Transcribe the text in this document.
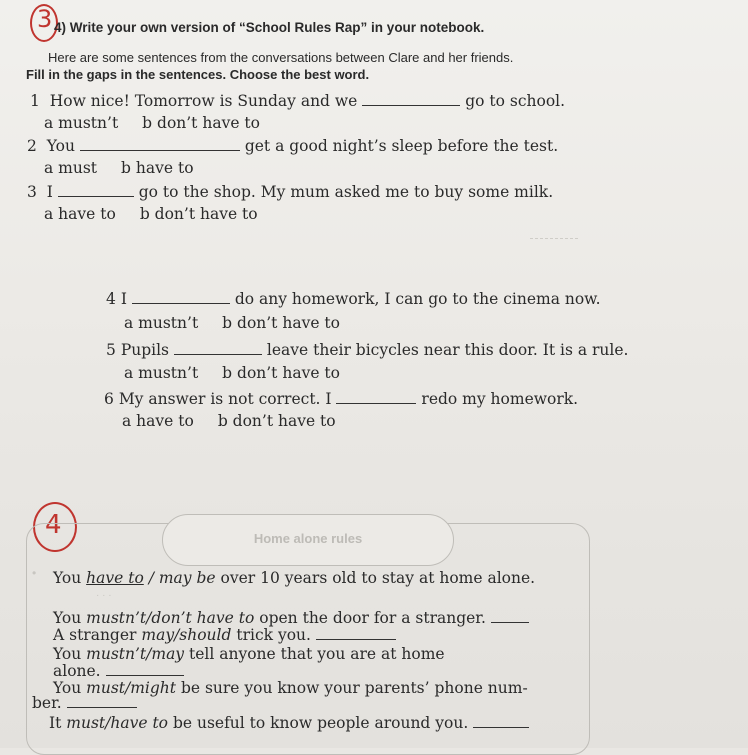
3 4) Write your own version of “School Rules Rap” in your notebook.
Here are some sentences from the conversations between Clare and her friends.
Fill in the gaps in the sentences. Choose the best word.
1 How nice! Tomorrow is Sunday and we	go to school.
a mustn’t b don’t have to
2 You	get a good night’s sleep before the test.
a must b have to
3 I	go to the shop. My mum asked me to buy some milk.
a have to b don’t have to
4 I	do any homework, I can go to the cinema now.
a mustn’t b don’t have to
5 Pupils	leave their bicycles near this door. It is a rule.
a mustn’t b don’t have to
6 My answer is not correct. I	redo my homework.
a have to b don’t have to
4	Home alone rules
• You have to / may be over 10 years old to stay at home alone.
· · ·
You mustn’t/don’t have to open the door for a stranger.
A stranger may/should trick you.
You mustn’t/may tell anyone that you are at home
alone.
You must/might be sure you know your parents’ phone num-
ber.
It must/have to be useful to know people around you.
